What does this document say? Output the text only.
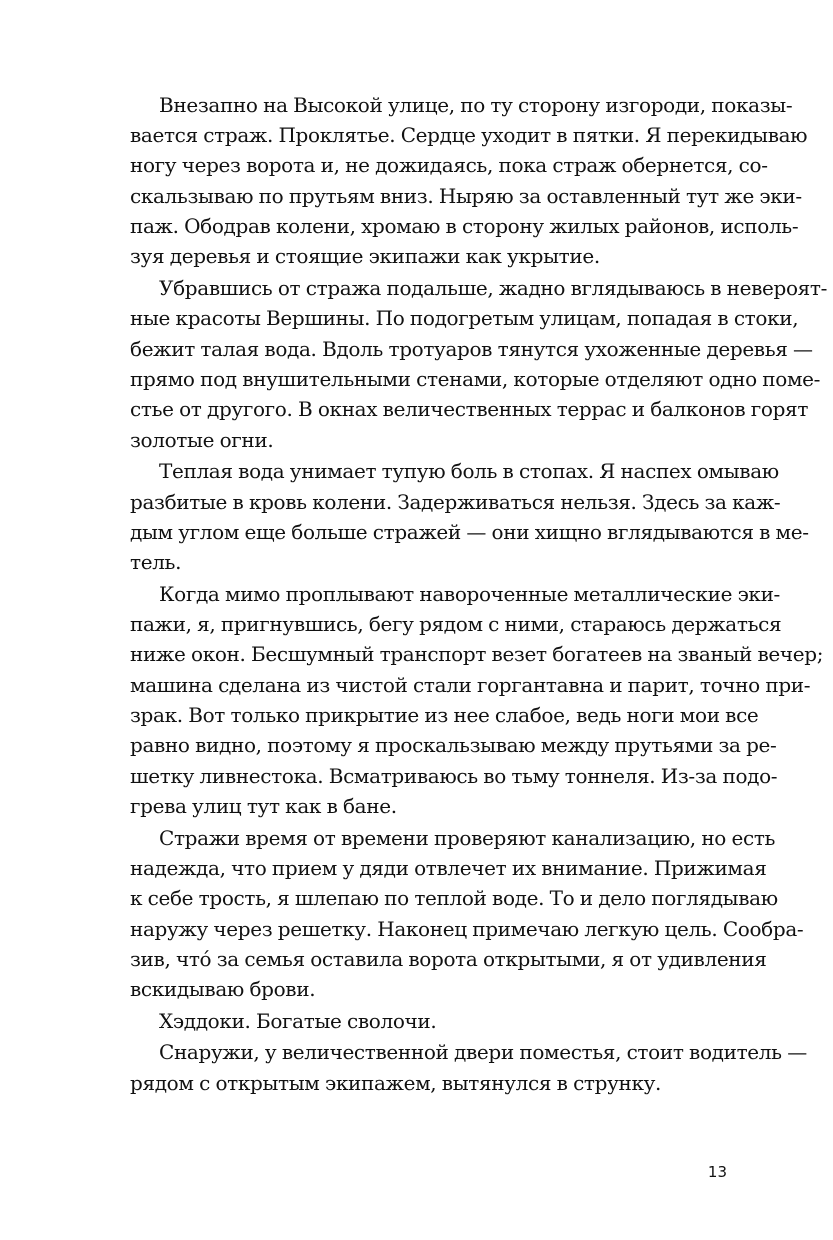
Внезапно на Высокой улице, по ту сторону изгороди, показы-

вается страж. Проклятье. Сердце уходит в пятки. Я перекидываю

ногу через ворота и, не дожидаясь, пока страж обернется, со-

скальзываю по прутьям вниз. Ныряю за оставленный тут же эки-

паж. Ободрав колени, хромаю в сторону жилых районов, исполь-

зуя деревья и стоящие экипажи как укрытие.

Убравшись от стража подальше, жадно вглядываюсь в невероят-

ные красоты Вершины. По подогретым улицам, попадая в стоки,

бежит талая вода. Вдоль тротуаров тянутся ухоженные деревья —

прямо под внушительными стенами, которые отделяют одно поме-

стье от другого. В окнах величественных террас и балконов горят

золотые огни.

Теплая вода унимает тупую боль в стопах. Я наспех омываю

разбитые в кровь колени. Задерживаться нельзя. Здесь за каж-

дым углом еще больше стражей — они хищно вглядываются в ме-

тель.

Когда мимо проплывают навороченные металлические эки-

пажи, я, пригнувшись, бегу рядом с ними, стараюсь держаться

ниже окон. Бесшумный транспорт везет богатеев на званый вечер;

машина сделана из чистой стали горгантавна и парит, точно при-

зрак. Вот только прикрытие из нее слабое, ведь ноги мои все

равно видно, поэтому я проскальзываю между прутьями за ре-

шетку ливнестока. Всматриваюсь во тьму тоннеля. Из-за подо-

грева улиц тут как в бане.

Стражи время от времени проверяют канализацию, но есть

надежда, что прием у дяди отвлечет их внимание. Прижимая

к себе трость, я шлепаю по теплой воде. То и дело поглядываю

наружу через решетку. Наконец примечаю легкую цель. Сообра-

зив, чтó за семья оставила ворота открытыми, я от удивления

вскидываю брови.

Хэддоки. Богатые сволочи.

Снаружи, у величественной двери поместья, стоит водитель —

рядом с открытым экипажем, вытянулся в струнку.

13
